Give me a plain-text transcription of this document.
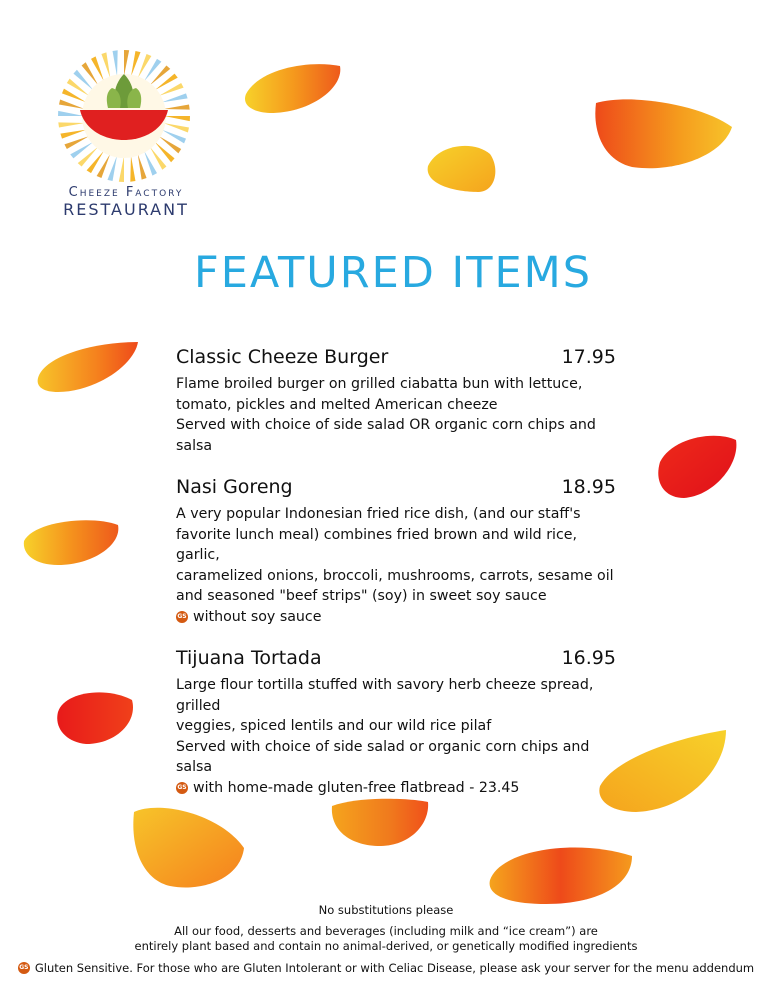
Cheeze Factory
RESTAURANT
FEATURED ITEMS
Classic Cheeze Burger	17.95
Flame broiled burger on grilled ciabatta bun with lettuce,
tomato, pickles and melted American cheeze
Served with choice of side salad OR organic corn chips and salsa
Nasi Goreng	18.95
A very popular Indonesian fried rice dish, (and our staff's
favorite lunch meal) combines fried brown and wild rice, garlic,
caramelized onions, broccoli, mushrooms, carrots, sesame oil
and seasoned "beef strips" (soy) in sweet soy sauce
GS without soy sauce
Tijuana Tortada	16.95
Large flour tortilla stuffed with savory herb cheeze spread, grilled
veggies, spiced lentils and our wild rice pilaf
Served with choice of side salad or organic corn chips and salsa
GS with home-made gluten-free flatbread - 23.45
No substitutions please
All our food, desserts and beverages (including milk and “ice cream”) are
entirely plant based and contain no animal-derived, or genetically modified ingredients
GS Gluten Sensitive. For those who are Gluten Intolerant or with Celiac Disease, please ask your server for the menu addendum
